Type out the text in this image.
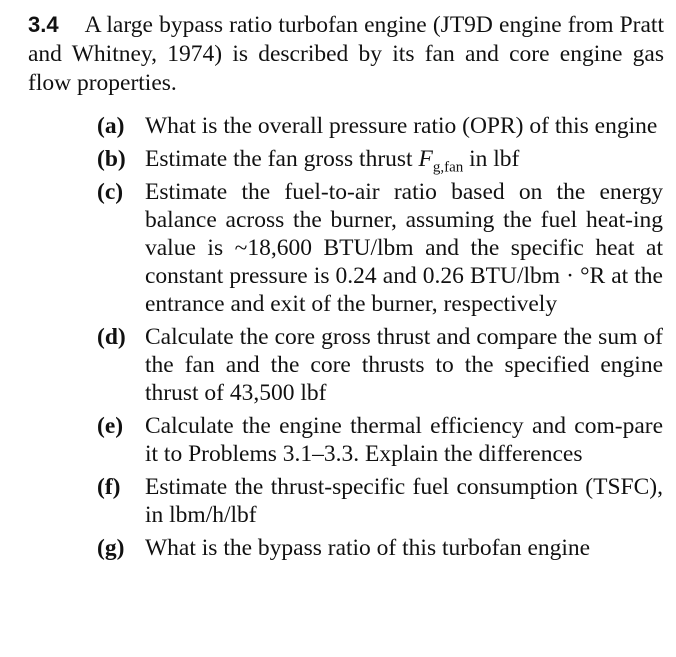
3.4 A large bypass ratio turbofan engine (JT9D engine from Pratt and Whitney, 1974) is described by its fan and core engine gas flow properties.
(a) What is the overall pressure ratio (OPR) of this engine
(b) Estimate the fan gross thrust $F_{g,fan}$ in lbf
(c) Estimate the fuel-to-air ratio based on the energy balance across the burner, assuming the fuel heat-ing value is ~18,600 BTU/lbm and the specific heat at constant pressure is 0.24 and 0.26 BTU/lbm · °R at the entrance and exit of the burner, respectively
(d) Calculate the core gross thrust and compare the sum of the fan and the core thrusts to the specified engine thrust of 43,500 lbf
(e) Calculate the engine thermal efficiency and com-pare it to Problems 3.1–3.3. Explain the differences
(f) Estimate the thrust-specific fuel consumption (TSFC), in lbm/h/lbf
(g) What is the bypass ratio of this turbofan engine
